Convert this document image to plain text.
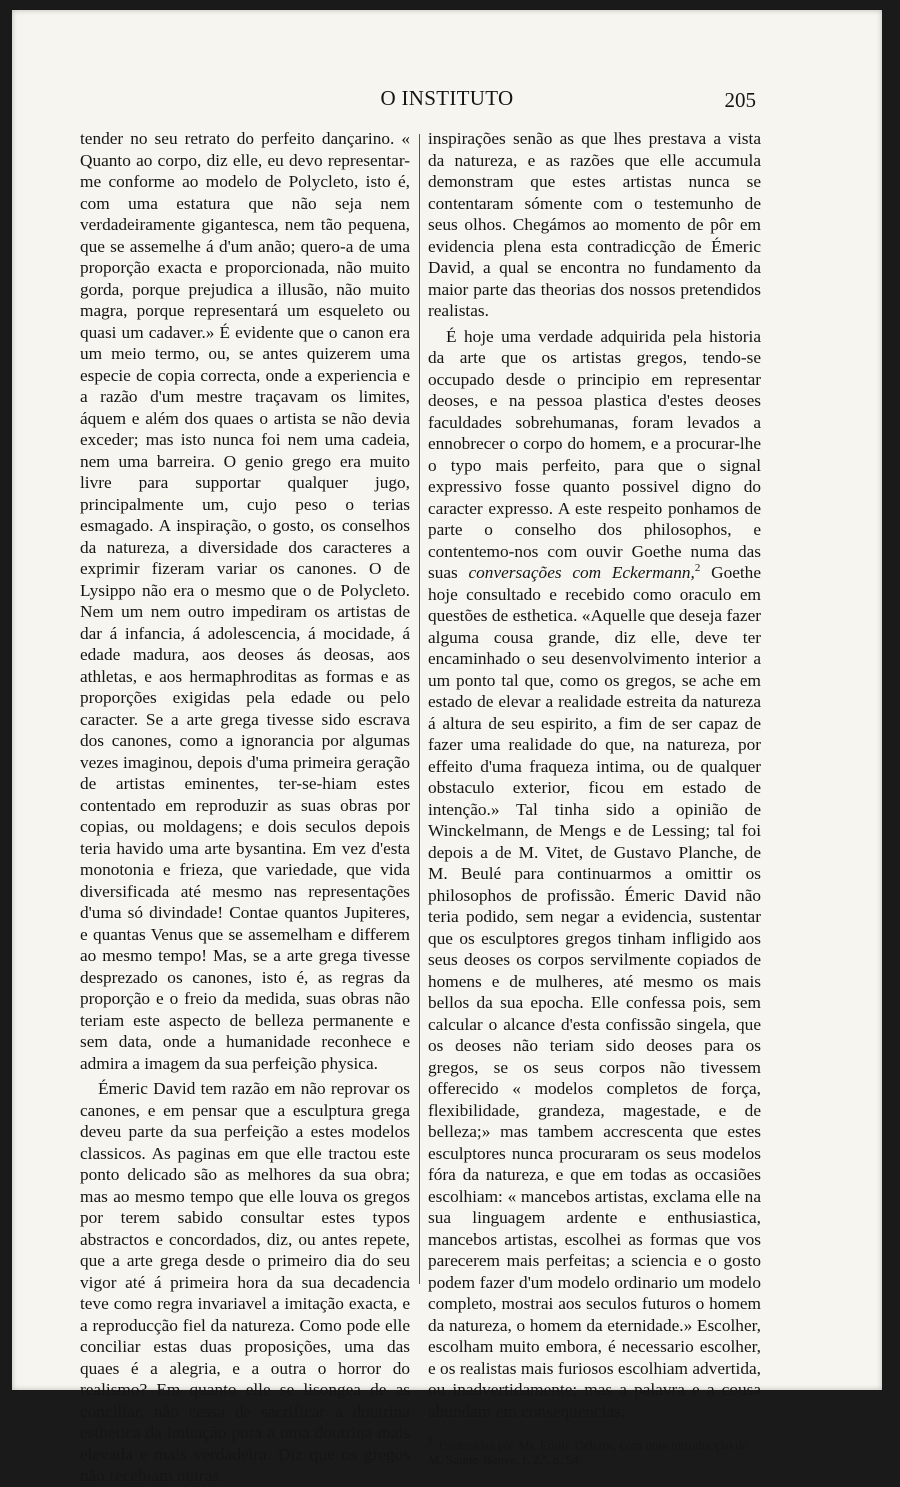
O INSTITUTO	205

tender no seu retrato do perfeito dançarino. « Quanto ao corpo, diz elle, eu devo representar-me conforme ao modelo de Polycleto, isto é, com uma estatura que não seja nem verdadeiramente gigantesca, nem tão pequena, que se assemelhe á d'um anão; quero-a de uma proporção exacta e proporcionada, não muito gorda, porque prejudica a illusão, não muito magra, porque representará um esqueleto ou quasi um cadaver.» É evidente que o canon era um meio termo, ou, se antes quizerem uma especie de copia correcta, onde a experiencia e a razão d'um mestre traçavam os limites, áquem e além dos quaes o artista se não devia exceder; mas isto nunca foi nem uma cadeia, nem uma barreira. O genio grego era muito livre para supportar qualquer jugo, principalmente um, cujo peso o terias esmagado. A inspiração, o gosto, os conselhos da natureza, a diversidade dos caracteres a exprimir fizeram variar os canones. O de Lysippo não era o mesmo que o de Polycleto. Nem um nem outro impediram os artistas de dar á infancia, á adolescencia, á mocidade, á edade madura, aos deoses ás deosas, aos athletas, e aos hermaphroditas as formas e as proporções exigidas pela edade ou pelo caracter. Se a arte grega tivesse sido escrava dos canones, como a ignorancia por algumas vezes imaginou, depois d'uma primeira geração de artistas eminentes, ter-se-hiam estes contentado em reproduzir as suas obras por copias, ou moldagens; e dois seculos depois teria havido uma arte bysantina. Em vez d'esta monotonia e frieza, que variedade, que vida diversificada até mesmo nas representações d'uma só divindade! Contae quantos Jupiteres, e quantas Venus que se assemelham e differem ao mesmo tempo! Mas, se a arte grega tivesse desprezado os canones, isto é, as regras da proporção e o freio da medida, suas obras não teriam este aspecto de belleza permanente e sem data, onde a humanidade reconhece e admira a imagem da sua perfeição physica.

Émeric David tem razão em não reprovar os canones, e em pensar que a esculptura grega deveu parte da sua perfeição a estes modelos classicos. As paginas em que elle tractou este ponto delicado são as melhores da sua obra; mas ao mesmo tempo que elle louva os gregos por terem sabido consultar estes typos abstractos e concordados, diz, ou antes repete, que a arte grega desde o primeiro dia do seu vigor até á primeira hora da sua decadencia teve como regra invariavel a imitação exacta, e a reproducção fiel da natureza. Como pode elle conciliar estas duas proposições, uma das quaes é a alegria, e a outra o horror do realismo? Em quanto elle se lisongea de as conciliar, não cessa de sacrificar a doutrina esthetica da imitação pura a uma doutrina mais elevada e mais verdadeira. Diz que os gregos não recebiam outras

inspirações senão as que lhes prestava a vista da natureza, e as razões que elle accumula demonstram que estes artistas nunca se contentaram sómente com o testemunho de seus olhos. Chegámos ao momento de pôr em evidencia plena esta contradicção de Émeric David, a qual se encontra no fundamento da maior parte das theorias dos nossos pretendidos realistas.

É hoje uma verdade adquirida pela historia da arte que os artistas gregos, tendo-se occupado desde o principio em representar deoses, e na pessoa plastica d'estes deoses faculdades sobrehumanas, foram levados a ennobrecer o corpo do homem, e a procurar-lhe o typo mais perfeito, para que o signal expressivo fosse quanto possivel digno do caracter expresso. A este respeito ponhamos de parte o conselho dos philosophos, e contentemo-nos com ouvir Goethe numa das suas conversações com Eckermann,$^2$ Goethe hoje consultado e recebido como oraculo em questões de esthetica. «Aquelle que deseja fazer alguma cousa grande, diz elle, deve ter encaminhado o seu desenvolvimento interior a um ponto tal que, como os gregos, se ache em estado de elevar a realidade estreita da natureza á altura de seu espirito, a fim de ser capaz de fazer uma realidade do que, na natureza, por effeito d'uma fraqueza intima, ou de qualquer obstaculo exterior, ficou em estado de intenção.» Tal tinha sido a opinião de Winckelmann, de Mengs e de Lessing; tal foi depois a de M. Vitet, de Gustavo Planche, de M. Beulé para continuarmos a omittir os philosophos de profissão. Émeric David não teria podido, sem negar a evidencia, sustentar que os esculptores gregos tinham infligido aos seus deoses os corpos servilmente copiados de homens e de mulheres, até mesmo os mais bellos da sua epocha. Elle confessa pois, sem calcular o alcance d'esta confissão singela, que os deoses não teriam sido deoses para os gregos, se os seus corpos não tivessem offerecido « modelos completos de força, flexibilidade, grandeza, magestade, e de belleza;» mas tambem accrescenta que estes esculptores nunca procuraram os seus modelos fóra da natureza, e que em todas as occasiões escolhiam: « mancebos artistas, exclama elle na sua linguagem ardente e enthusiastica, mancebos artistas, escolhei as formas que vos parecerem mais perfeitas; a sciencia e o gosto podem fazer d'um modelo ordinario um modelo completo, mostrai aos seculos futuros o homem da natureza, o homem da eternidade.» Escolher, escolham muito embora, é necessario escolher, e os realistas mais furiosos escolhiam advertida, ou inadvertidamente; mas a palavra e a cousa abundam em consequencias,

$^2$ Traduzidas por Mr. Émile Délerot, com uma introducção de M. Sainte-Beuve, t. 2.º, p. 54.
